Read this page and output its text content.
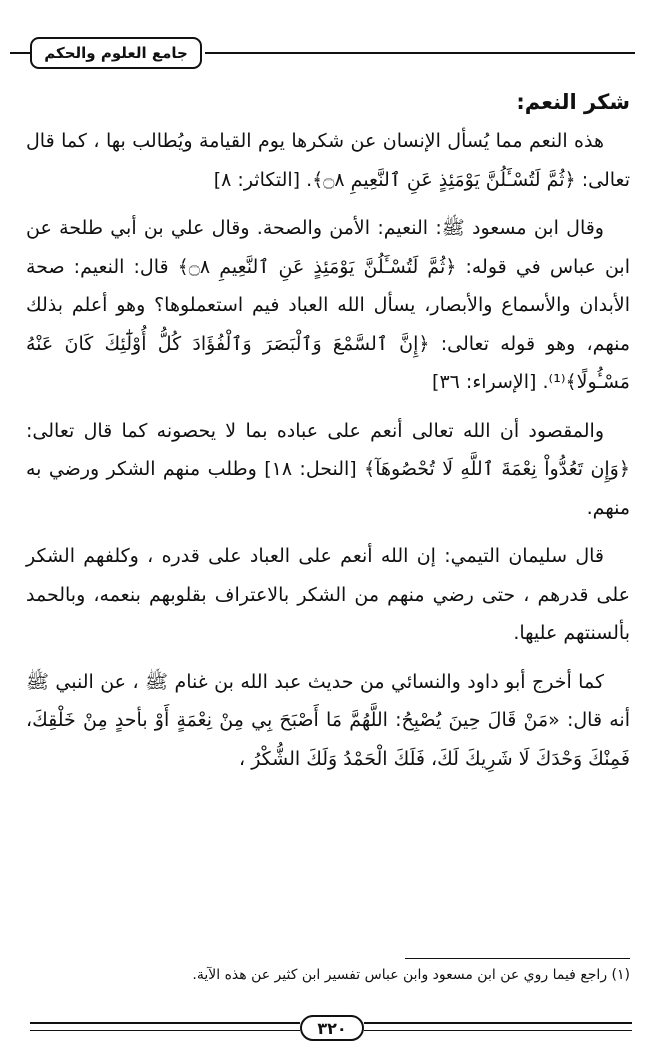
جامع العلوم والحكم

شكر النعم:

هذه النعم مما يُسأل الإنسان عن شكرها يوم القيامة ويُطالب بها ، كما قال تعالى: ﴿ثُمَّ لَتُسْـَٔلُنَّ يَوْمَئِذٍ عَنِ ٱلنَّعِيمِ ۝٨﴾. [التكاثر: ٨]

وقال ابن مسعود ﷺ: النعيم: الأمن والصحة. وقال علي بن أبي طلحة عن ابن عباس في قوله: ﴿ثُمَّ لَتُسْـَٔلُنَّ يَوْمَئِذٍ عَنِ ٱلنَّعِيمِ ۝٨﴾ قال: النعيم: صحة الأبدان والأسماع والأبصار، يسأل الله العباد فيم استعملوها؟ وهو أعلم بذلك منهم، وهو قوله تعالى: ﴿إِنَّ ٱلسَّمْعَ وَٱلْبَصَرَ وَٱلْفُؤَادَ كُلُّ أُوْلَٰٓئِكَ كَانَ عَنْهُ مَسْـُٔولًا﴾⁽¹⁾. [الإسراء: ٣٦]

والمقصود أن الله تعالى أنعم على عباده بما لا يحصونه كما قال تعالى: ﴿وَإِن تَعُدُّواْ نِعْمَةَ ٱللَّهِ لَا تُحْصُوهَآ﴾ [النحل: ١٨] وطلب منهم الشكر ورضي به منهم.

قال سليمان التيمي: إن الله أنعم على العباد على قدره ، وكلفهم الشكر على قدرهم ، حتى رضي منهم من الشكر بالاعتراف بقلوبهم بنعمه، وبالحمد بألسنتهم عليها.

كما أخرج أبو داود والنسائي من حديث عبد الله بن غنام ﷺ ، عن النبي ﷺ أنه قال: «مَنْ قَالَ حِينَ يُصْبِحُ: اللَّهُمَّ مَا أَصْبَحَ بِي مِنْ نِعْمَةٍ أَوْ بأحدٍ مِنْ خَلْقِكَ، فَمِنْكَ وَحْدَكَ لَا شَرِيكَ لَكَ، فَلَكَ الْحَمْدُ وَلَكَ الشُّكْرُ ،

(١) راجع فيما روي عن ابن مسعود وابن عباس تفسير ابن كثير عن هذه الآية.
٣٢٠
